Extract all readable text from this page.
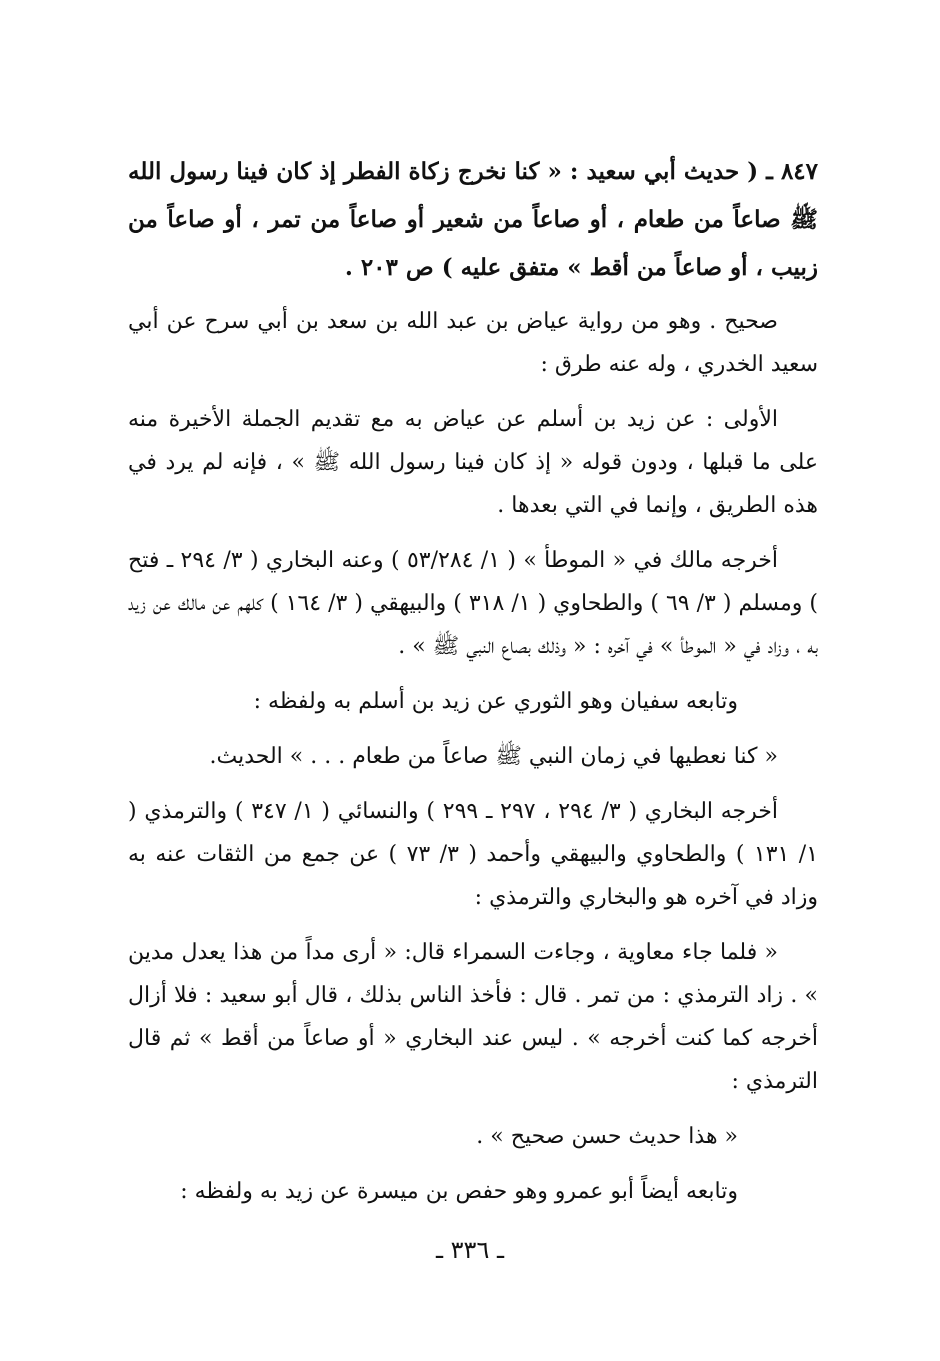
٨٤٧ ـ ( حديث أبي سعيد : « كنا نخرج زكاة الفطر إذ كان فينا رسول الله ﷺ صاعاً من طعام ، أو صاعاً من شعير أو صاعاً من تمر ، أو صاعاً من زبيب ، أو صاعاً من أقط » متفق عليه ) ص ٢٠٣ .

صحيح . وهو من رواية عياض بن عبد الله بن سعد بن أبي سرح عن أبي سعيد الخدري ، وله عنه طرق :

الأولى : عن زيد بن أسلم عن عياض به مع تقديم الجملة الأخيرة منه على ما قبلها ، ودون قوله « إذ كان فينا رسول الله ﷺ » ، فإنه لم يرد في هذه الطريق ، وإنما في التي بعدها .

أخرجه مالك في « الموطأ » ( ١/ ٥٣/٢٨٤ ) وعنه البخاري ( ٣/ ٢٩٤ ـ فتح ) ومسلم ( ٣/ ٦٩ ) والطحاوي ( ١/ ٣١٨ ) والبيهقي ( ٣/ ١٦٤ ) كلهم عن مالك عن زيد به ، وزاد في « الموطأ » في آخره : « وذلك بصاع النبي ﷺ » .

وتابعه سفيان وهو الثوري عن زيد بن أسلم به ولفظه :

« كنا نعطيها في زمان النبي ﷺ صاعاً من طعام . . . » الحديث.

أخرجه البخاري ( ٣/ ٢٩٤ ، ٢٩٧ ـ ٢٩٩ ) والنسائي ( ١/ ٣٤٧ ) والترمذي ( ١/ ١٣١ ) والطحاوي والبيهقي وأحمد ( ٣/ ٧٣ ) عن جمع من الثقات عنه به وزاد في آخره هو والبخاري والترمذي :

« فلما جاء معاوية ، وجاءت السمراء قال: « أرى مداً من هذا يعدل مدين » . زاد الترمذي : من تمر . قال : فأخذ الناس بذلك ، قال أبو سعيد : فلا أزال أخرجه كما كنت أخرجه » . ليس عند البخاري « أو صاعاً من أقط » ثم قال الترمذي :

« هذا حديث حسن صحيح » .

وتابعه أيضاً أبو عمرو وهو حفص بن ميسرة عن زيد به ولفظه :

ـ ٣٣٦ ـ
